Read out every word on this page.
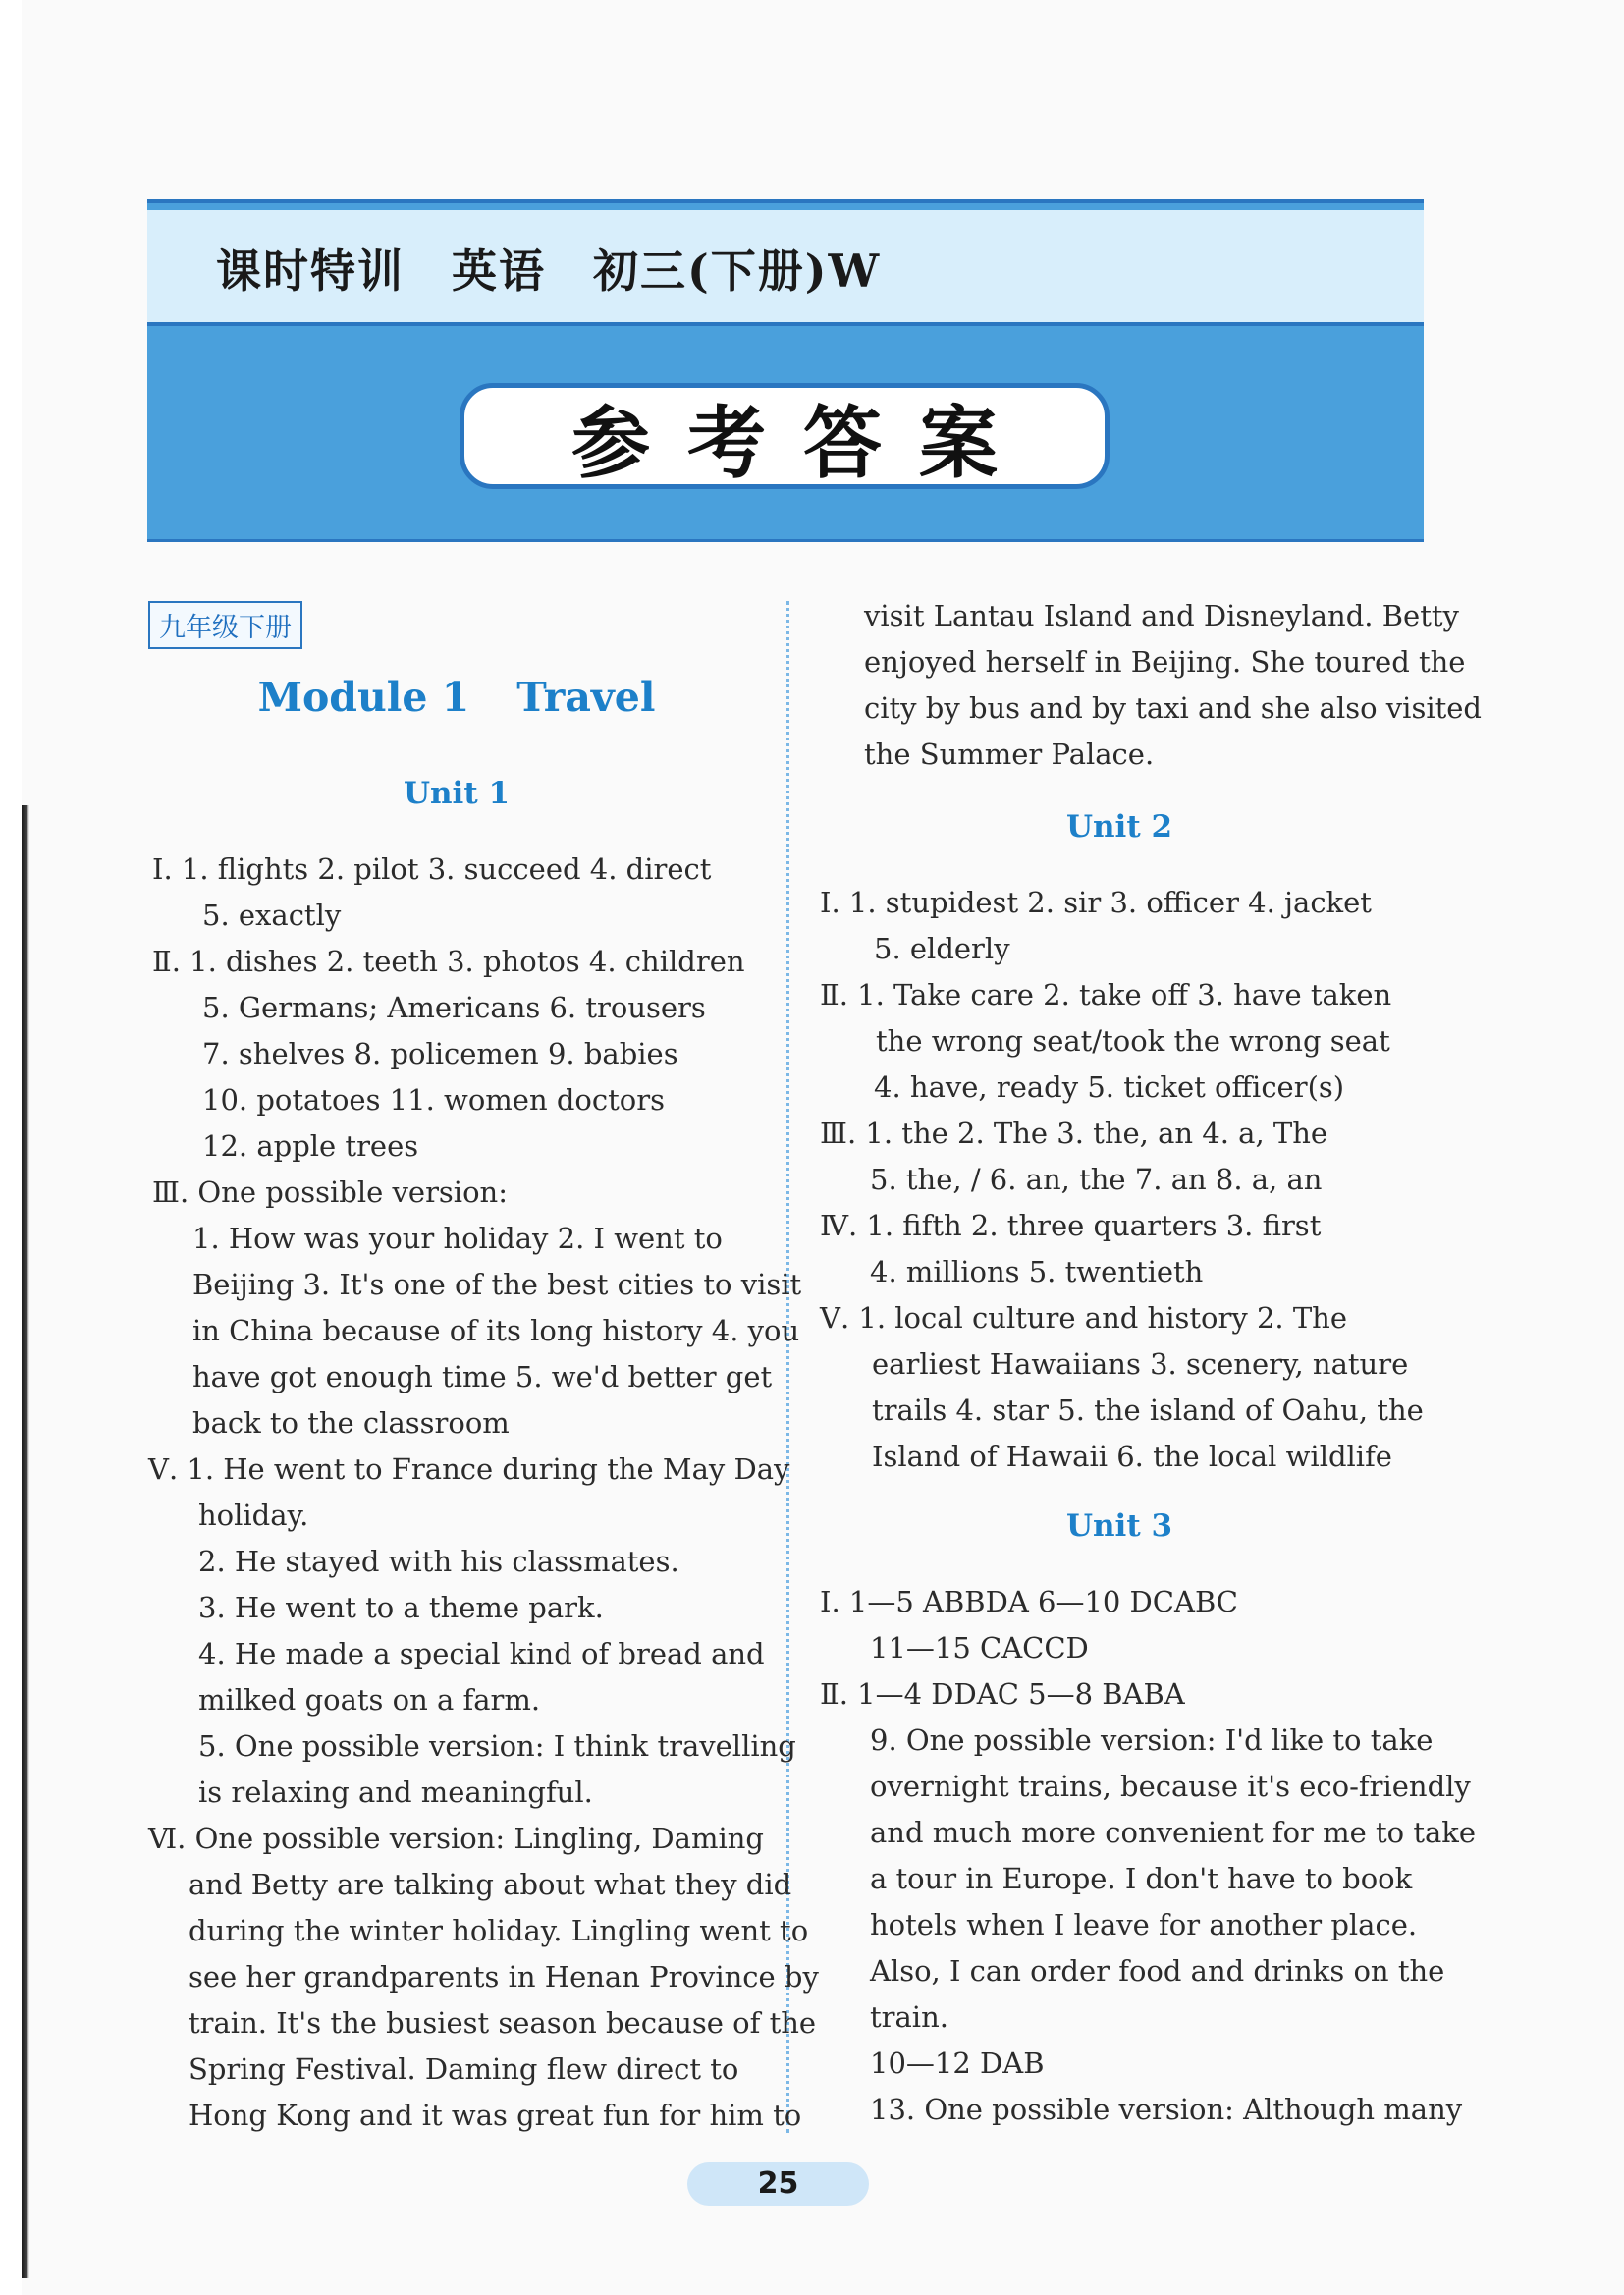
课时特训 英语 初三(下册)W
参考答案
九年级下册
Module 1 Travel
Unit 1
Ⅰ. 1. flights 2. pilot 3. succeed 4. direct
5. exactly
Ⅱ. 1. dishes 2. teeth 3. photos 4. children
5. Germans; Americans 6. trousers
7. shelves 8. policemen 9. babies
10. potatoes 11. women doctors
12. apple trees
Ⅲ. One possible version:
1. How was your holiday 2. I went to
Beijing 3. It's one of the best cities to visit
in China because of its long history 4. you
have got enough time 5. we'd better get
back to the classroom
Ⅴ. 1. He went to France during the May Day
holiday.
2. He stayed with his classmates.
3. He went to a theme park.
4. He made a special kind of bread and
milked goats on a farm.
5. One possible version: I think travelling
is relaxing and meaningful.
Ⅵ. One possible version: Lingling, Daming
and Betty are talking about what they did
during the winter holiday. Lingling went to
see her grandparents in Henan Province by
train. It's the busiest season because of the
Spring Festival. Daming flew direct to
Hong Kong and it was great fun for him to
visit Lantau Island and Disneyland. Betty
enjoyed herself in Beijing. She toured the
city by bus and by taxi and she also visited
the Summer Palace.
Unit 2
Ⅰ. 1. stupidest 2. sir 3. officer 4. jacket
5. elderly
Ⅱ. 1. Take care 2. take off 3. have taken
the wrong seat/took the wrong seat
4. have, ready 5. ticket officer(s)
Ⅲ. 1. the 2. The 3. the, an 4. a, The
5. the, / 6. an, the 7. an 8. a, an
Ⅳ. 1. fifth 2. three quarters 3. first
4. millions 5. twentieth
Ⅴ. 1. local culture and history 2. The
earliest Hawaiians 3. scenery, nature
trails 4. star 5. the island of Oahu, the
Island of Hawaii 6. the local wildlife
Unit 3
Ⅰ. 1—5 ABBDA 6—10 DCABC
11—15 CACCD
Ⅱ. 1—4 DDAC 5—8 BABA
9. One possible version: I'd like to take
overnight trains, because it's eco-friendly
and much more convenient for me to take
a tour in Europe. I don't have to book
hotels when I leave for another place.
Also, I can order food and drinks on the
train.
10—12 DAB
13. One possible version: Although many
25
